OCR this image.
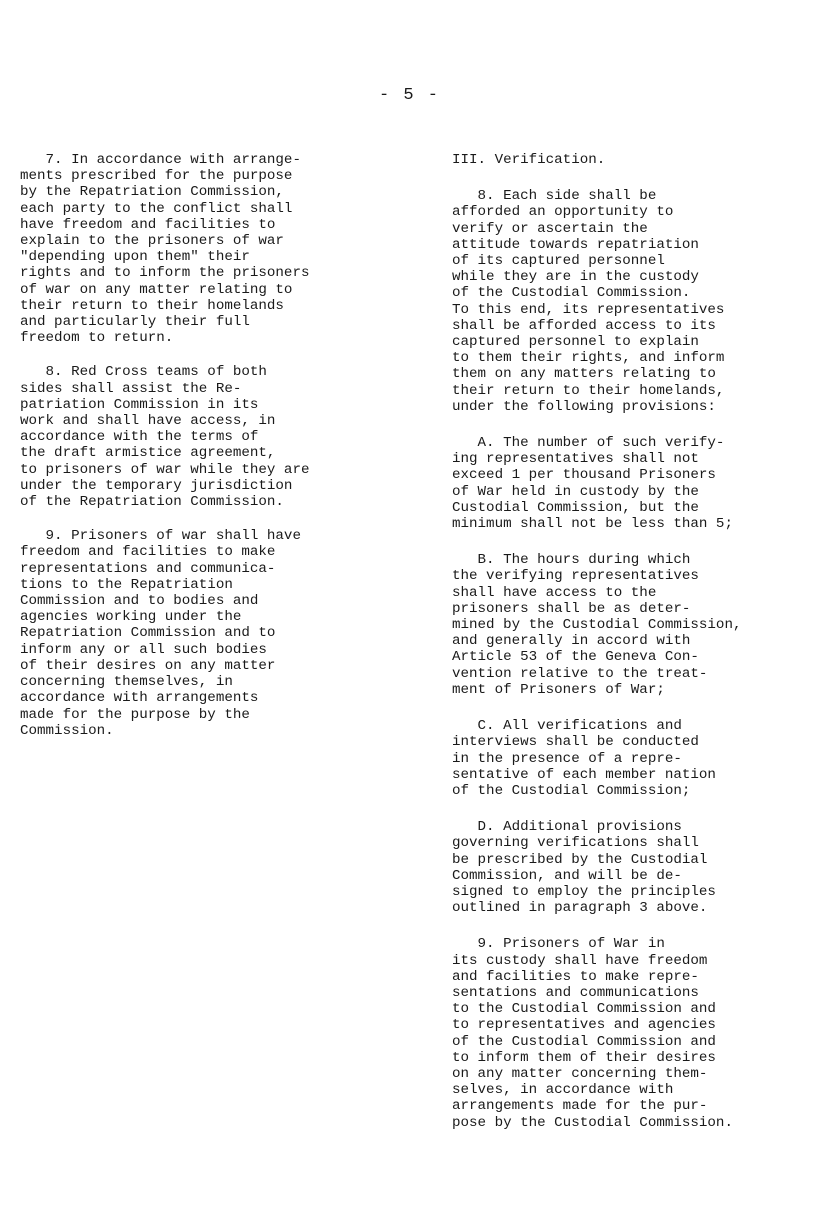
- 5 -
7. In accordance with arrange-
ments prescribed for the purpose
by the Repatriation Commission,
each party to the conflict shall
have freedom and facilities to
explain to the prisoners of war
"depending upon them" their
rights and to inform the prisoners
of war on any matter relating to
their return to their homelands
and particularly their full
freedom to return.
8. Red Cross teams of both
sides shall assist the Re-
patriation Commission in its
work and shall have access, in
accordance with the terms of
the draft armistice agreement,
to prisoners of war while they are
under the temporary jurisdiction
of the Repatriation Commission.
9. Prisoners of war shall have
freedom and facilities to make
representations and communica-
tions to the Repatriation
Commission and to bodies and
agencies working under the
Repatriation Commission and to
inform any or all such bodies
of their desires on any matter
concerning themselves, in
accordance with arrangements
made for the purpose by the
Commission.
III. Verification.
8. Each side shall be
afforded an opportunity to
verify or ascertain the
attitude towards repatriation
of its captured personnel
while they are in the custody
of the Custodial Commission.
To this end, its representatives
shall be afforded access to its
captured personnel to explain
to them their rights, and inform
them on any matters relating to
their return to their homelands,
under the following provisions:
A. The number of such verify-
ing representatives shall not
exceed 1 per thousand Prisoners
of War held in custody by the
Custodial Commission, but the
minimum shall not be less than 5;
B. The hours during which
the verifying representatives
shall have access to the
prisoners shall be as deter-
mined by the Custodial Commission,
and generally in accord with
Article 53 of the Geneva Con-
vention relative to the treat-
ment of Prisoners of War;
C. All verifications and
interviews shall be conducted
in the presence of a repre-
sentative of each member nation
of the Custodial Commission;
D. Additional provisions
governing verifications shall
be prescribed by the Custodial
Commission, and will be de-
signed to employ the principles
outlined in paragraph 3 above.
9. Prisoners of War in
its custody shall have freedom
and facilities to make repre-
sentations and communications
to the Custodial Commission and
to representatives and agencies
of the Custodial Commission and
to inform them of their desires
on any matter concerning them-
selves, in accordance with
arrangements made for the pur-
pose by the Custodial Commission.
